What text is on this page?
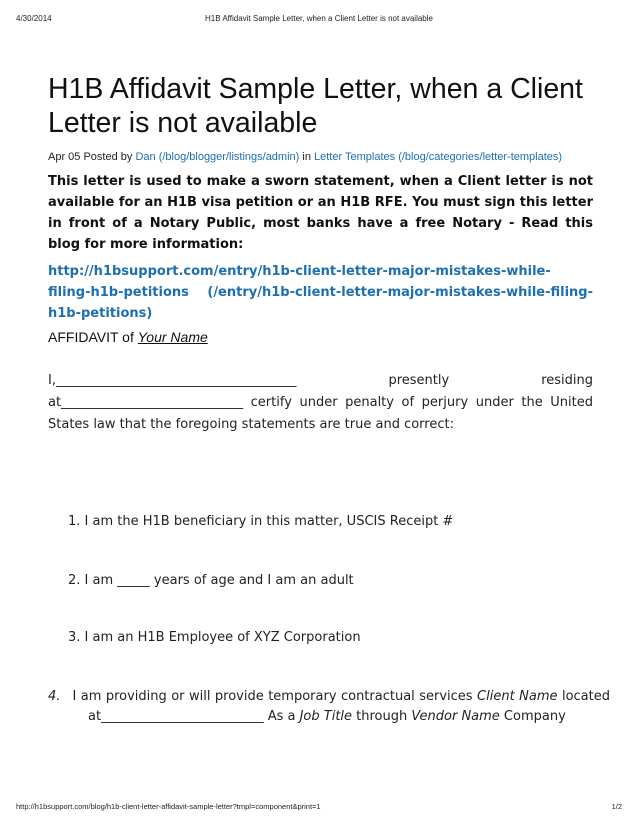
4/30/2014	H1B Affidavit Sample Letter, when a Client Letter is not available
H1B Affidavit Sample Letter, when a Client Letter is not available
Apr 05 Posted by Dan (/blog/blogger/listings/admin) in Letter Templates (/blog/categories/letter-templates)
This letter is used to make a sworn statement, when a Client letter is not available for an H1B visa petition or an H1B RFE. You must sign this letter in front of a Notary Public, most banks have a free Notary - Read this blog for more information:
http://h1bsupport.com/entry/h1b-client-letter-major-mistakes-while-filing-h1b-petitions (/entry/h1b-client-letter-major-mistakes-while-filing-h1b-petitions)
AFFIDAVIT of Your Name
I,_____________________________________ presently residing at____________________________ certify under penalty of perjury under the United States law that the foregoing statements are true and correct:
1. I am the H1B beneficiary in this matter, USCIS Receipt #
2. I am _____ years of age and I am an adult
3. I am an H1B Employee of XYZ Corporation
4. I am providing or will provide temporary contractual services Client Name located at_________________________ As a Job Title through Vendor Name Company
http://h1bsupport.com/blog/h1b-client-letter-affidavit-sample-letter?tmpl=component&print=1	1/2
